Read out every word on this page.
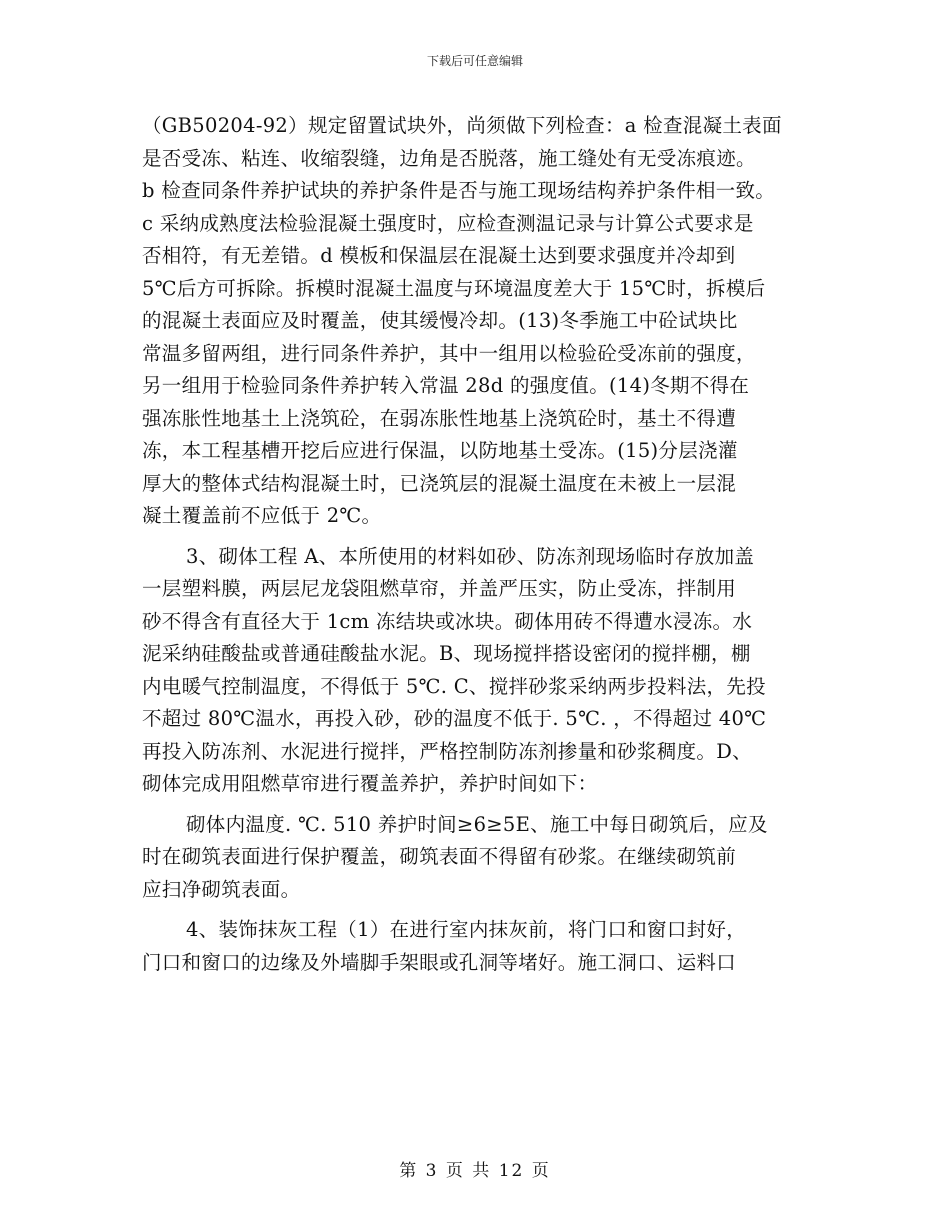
下载后可任意编辑
（GB50204-92）规定留置试块外，尚须做下列检查：a 检查混凝土表面
是否受冻、粘连、收缩裂缝，边角是否脱落，施工缝处有无受冻痕迹。
b 检查同条件养护试块的养护条件是否与施工现场结构养护条件相一致。
c 采纳成熟度法检验混凝土强度时，应检查测温记录与计算公式要求是
否相符，有无差错。d 模板和保温层在混凝土达到要求强度并冷却到
5℃后方可拆除。拆模时混凝土温度与环境温度差大于 15℃时，拆模后
的混凝土表面应及时覆盖，使其缓慢冷却。(13)冬季施工中砼试块比
常温多留两组，进行同条件养护，其中一组用以检验砼受冻前的强度，
另一组用于检验同条件养护转入常温 28d 的强度值。(14)冬期不得在
强冻胀性地基土上浇筑砼，在弱冻胀性地基上浇筑砼时，基土不得遭
冻，本工程基槽开挖后应进行保温，以防地基土受冻。(15)分层浇灌
厚大的整体式结构混凝土时，已浇筑层的混凝土温度在未被上一层混
凝土覆盖前不应低于 2℃。
3、砌体工程 A、本所使用的材料如砂、防冻剂现场临时存放加盖
一层塑料膜，两层尼龙袋阻燃草帘，并盖严压实，防止受冻，拌制用
砂不得含有直径大于 1cm 冻结块或冰块。砌体用砖不得遭水浸冻。水
泥采纳硅酸盐或普通硅酸盐水泥。B、现场搅拌搭设密闭的搅拌棚，棚
内电暖气控制温度，不得低于 5℃. C、搅拌砂浆采纳两步投料法，先投
不超过 80℃温水，再投入砂，砂的温度不低于. 5℃. ，不得超过 40℃
再投入防冻剂、水泥进行搅拌，严格控制防冻剂掺量和砂浆稠度。D、
砌体完成用阻燃草帘进行覆盖养护，养护时间如下：
砌体内温度. ℃. 510 养护时间≥6≥5E、施工中每日砌筑后，应及
时在砌筑表面进行保护覆盖，砌筑表面不得留有砂浆。在继续砌筑前
应扫净砌筑表面。
4、装饰抹灰工程（1）在进行室内抹灰前，将门口和窗口封好，
门口和窗口的边缘及外墙脚手架眼或孔洞等堵好。施工洞口、运料口
第 3 页 共 12 页
